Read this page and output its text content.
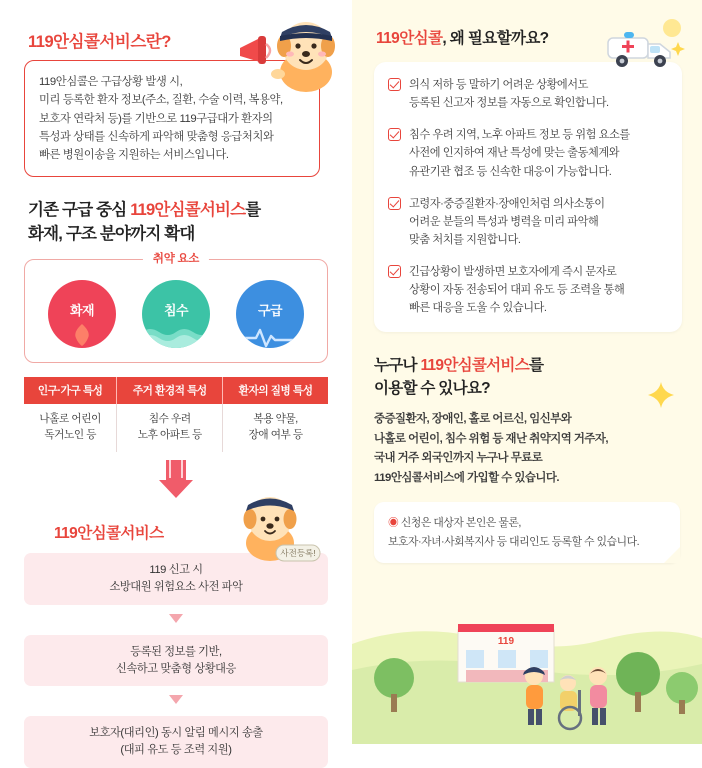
119안심콜서비스란?
119안심콜은 구급상황 발생 시,
미리 등록한 환자 정보(주소, 질환, 수술 이력, 복용약,
보호자 연락처 등)를 기반으로 119구급대가 환자의
특성과 상태를 신속하게 파악해 맞춤형 응급처치와
빠른 병원이송을 지원하는 서비스입니다.
기존 구급 중심 119안심콜서비스를
화재, 구조 분야까지 확대
취약 요소
화재	침수	구급
인구·가구 특성	주거 환경적 특성	환자의 질병 특성
나홀로 어린이
독거노인 등	침수 우려
노후 아파트 등	복용 약물,
장애 여부 등
119안심콜서비스
사전등록!
119 신고 시
소방대원 위험요소 사전 파악
등록된 정보를 기반,
신속하고 맞춤형 상황대응
보호자(대리인) 동시 알림 메시지 송출
(대피 유도 등 조력 지원)
119안심콜, 왜 필요할까요?

의식 저하 등 말하기 어려운 상황에서도
등록된 신고자 정보를 자동으로 확인합니다.

침수 우려 지역, 노후 아파트 정보 등 위험 요소를
사전에 인지하여 재난 특성에 맞는 출동체계와
유관기관 협조 등 신속한 대응이 가능합니다.

고령자·중증질환자·장애인처럼 의사소통이
어려운 분들의 특성과 병력을 미리 파악해
맞춤 처치를 지원합니다.

긴급상황이 발생하면 보호자에게 즉시 문자로
상황이 자동 전송되어 대피 유도 등 조력을 통해
빠른 대응을 도울 수 있습니다.

누구나 119안심콜서비스를
이용할 수 있나요?
중증질환자, 장애인, 홀로 어르신, 임신부와
나홀로 어린이, 침수 위험 등 재난 취약지역 거주자,
국내 거주 외국인까지 누구나 무료로
119안심콜서비스에 가입할 수 있습니다.
◉ 신청은 대상자 본인은 물론,
보호자·자녀·사회복지사 등 대리인도 등록할 수 있습니다.
119
